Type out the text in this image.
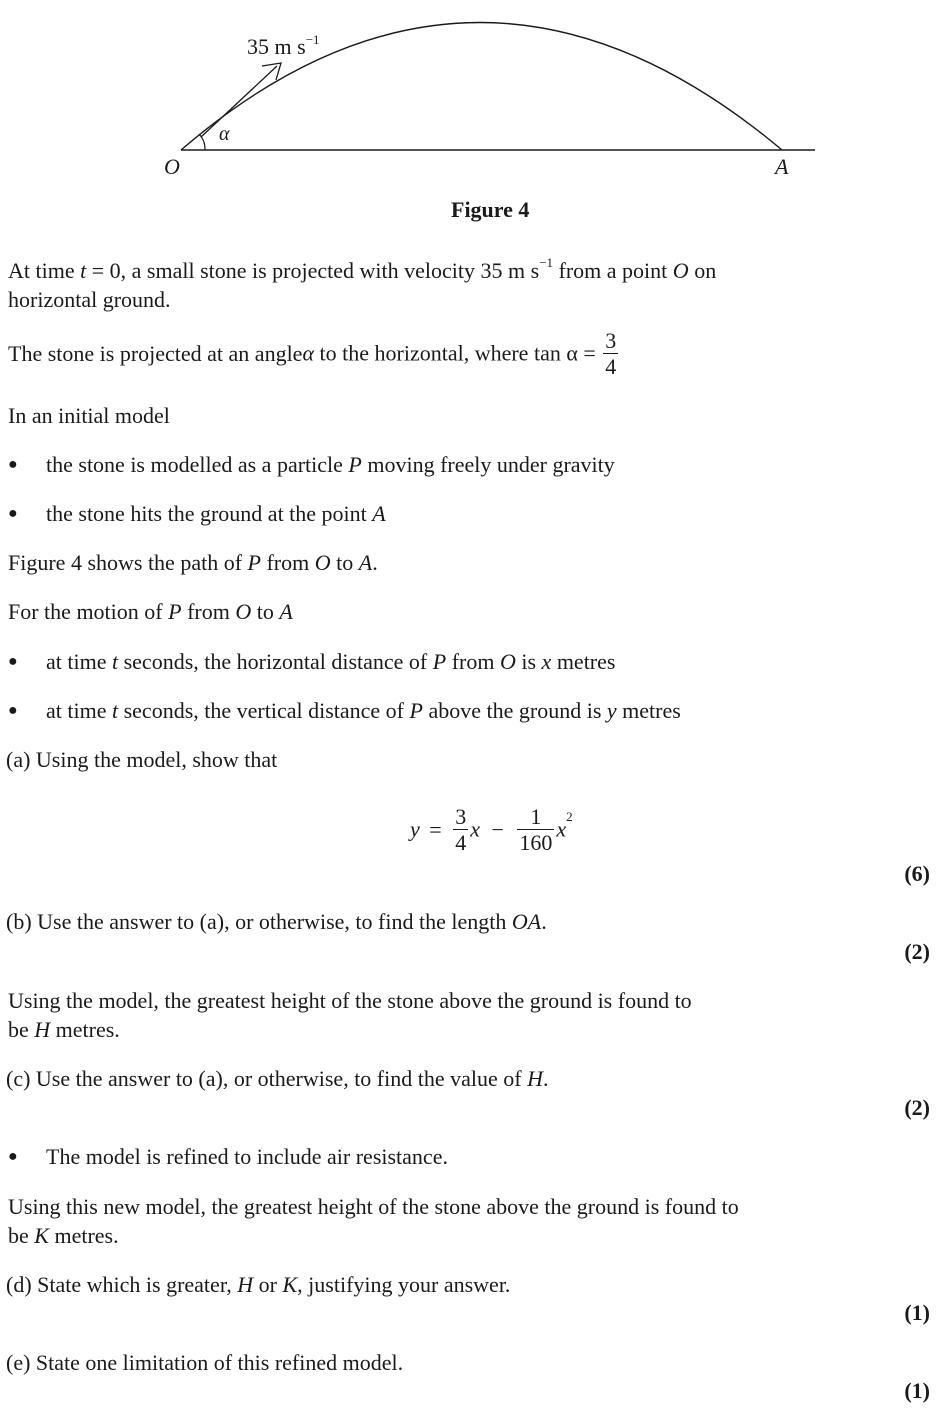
35 m $s^{-1}$
α
O	A
Figure 4
At time t = 0, a small stone is projected with velocity 35 m $s^{-1}$ from a point O on
horizontal ground.
The stone is projected at an angleα to the horizontal, where $\tan \alpha = \frac{3}{4}$
In an initial model
● the stone is modelled as a particle P moving freely under gravity
● the stone hits the ground at the point A
Figure 4 shows the path of P from O to A.
For the motion of P from O to A
● at time t seconds, the horizontal distance of P from O is x metres
● at time t seconds, the vertical distance of P above the ground is y metres
(a) Using the model, show that
$y = \frac{3}{4}$ $x - \frac{1}{160} x^2$
(6)
(b) Use the answer to (a), or otherwise, to find the length OA.
(2)
Using the model, the greatest height of the stone above the ground is found to
be H metres.
(c) Use the answer to (a), or otherwise, to find the value of H.
(2)
● The model is refined to include air resistance.
Using this new model, the greatest height of the stone above the ground is found to
be K metres.
(d) State which is greater, H or K, justifying your answer.
(1)
(e) State one limitation of this refined model.
(1)
